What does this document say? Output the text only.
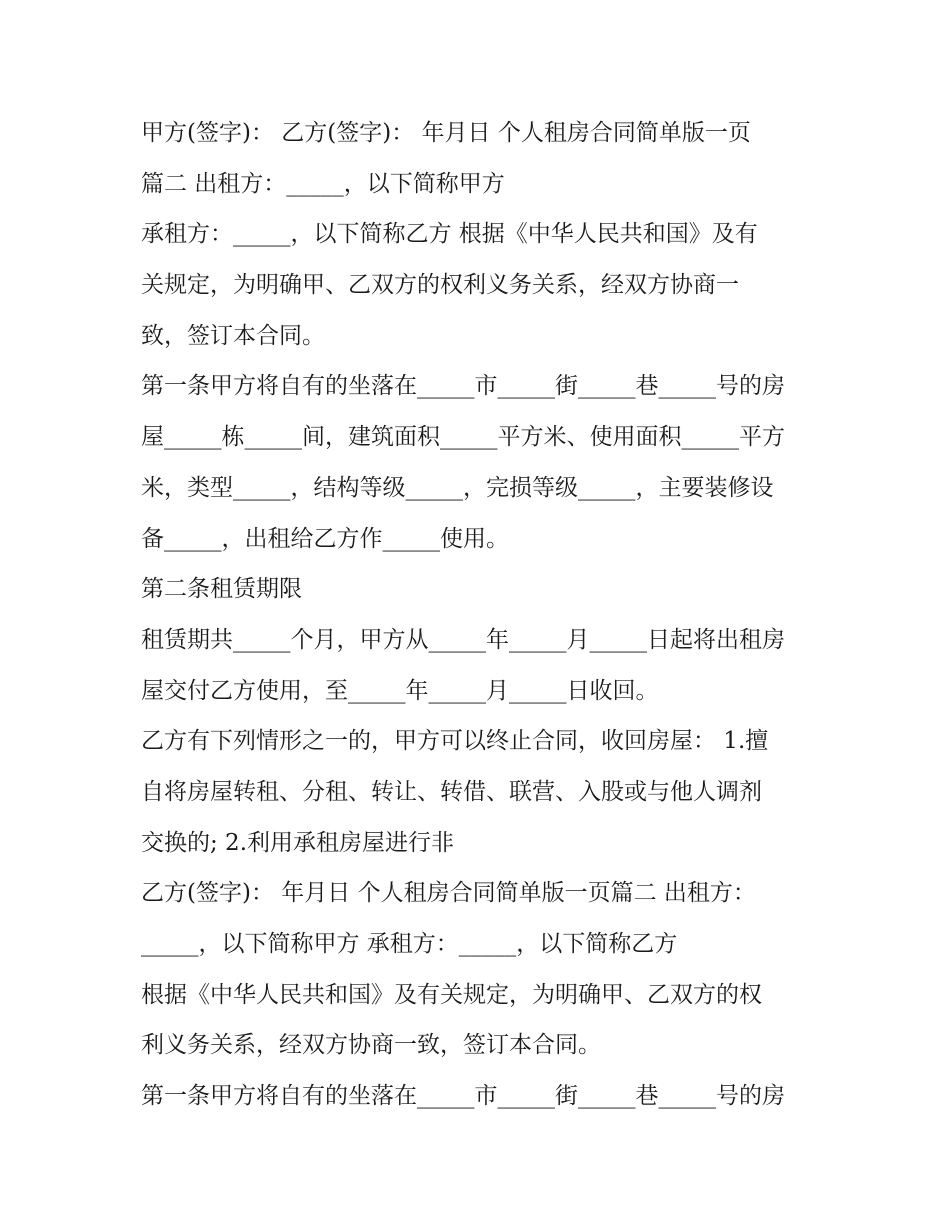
甲方(签字)： 乙方(签字)： 年月日 个人租房合同简单版一页
篇二 出租方：_____，以下简称甲方
承租方：_____，以下简称乙方 根据《中华人民共和国》及有
关规定，为明确甲、乙双方的权利义务关系，经双方协商一
致，签订本合同。
第一条甲方将自有的坐落在_____市_____街_____巷_____号的房
屋_____栋_____间，建筑面积_____平方米、使用面积_____平方
米，类型_____，结构等级_____，完损等级_____，主要装修设
备_____，出租给乙方作_____使用。
第二条租赁期限
租赁期共_____个月，甲方从_____年_____月_____日起将出租房
屋交付乙方使用，至_____年_____月_____日收回。
乙方有下列情形之一的，甲方可以终止合同，收回房屋： 1.擅
自将房屋转租、分租、转让、转借、联营、入股或与他人调剂
交换的; 2.利用承租房屋进行非
乙方(签字)： 年月日 个人租房合同简单版一页篇二 出租方：
_____，以下简称甲方 承租方：_____，以下简称乙方
根据《中华人民共和国》及有关规定，为明确甲、乙双方的权
利义务关系，经双方协商一致，签订本合同。
第一条甲方将自有的坐落在_____市_____街_____巷_____号的房
